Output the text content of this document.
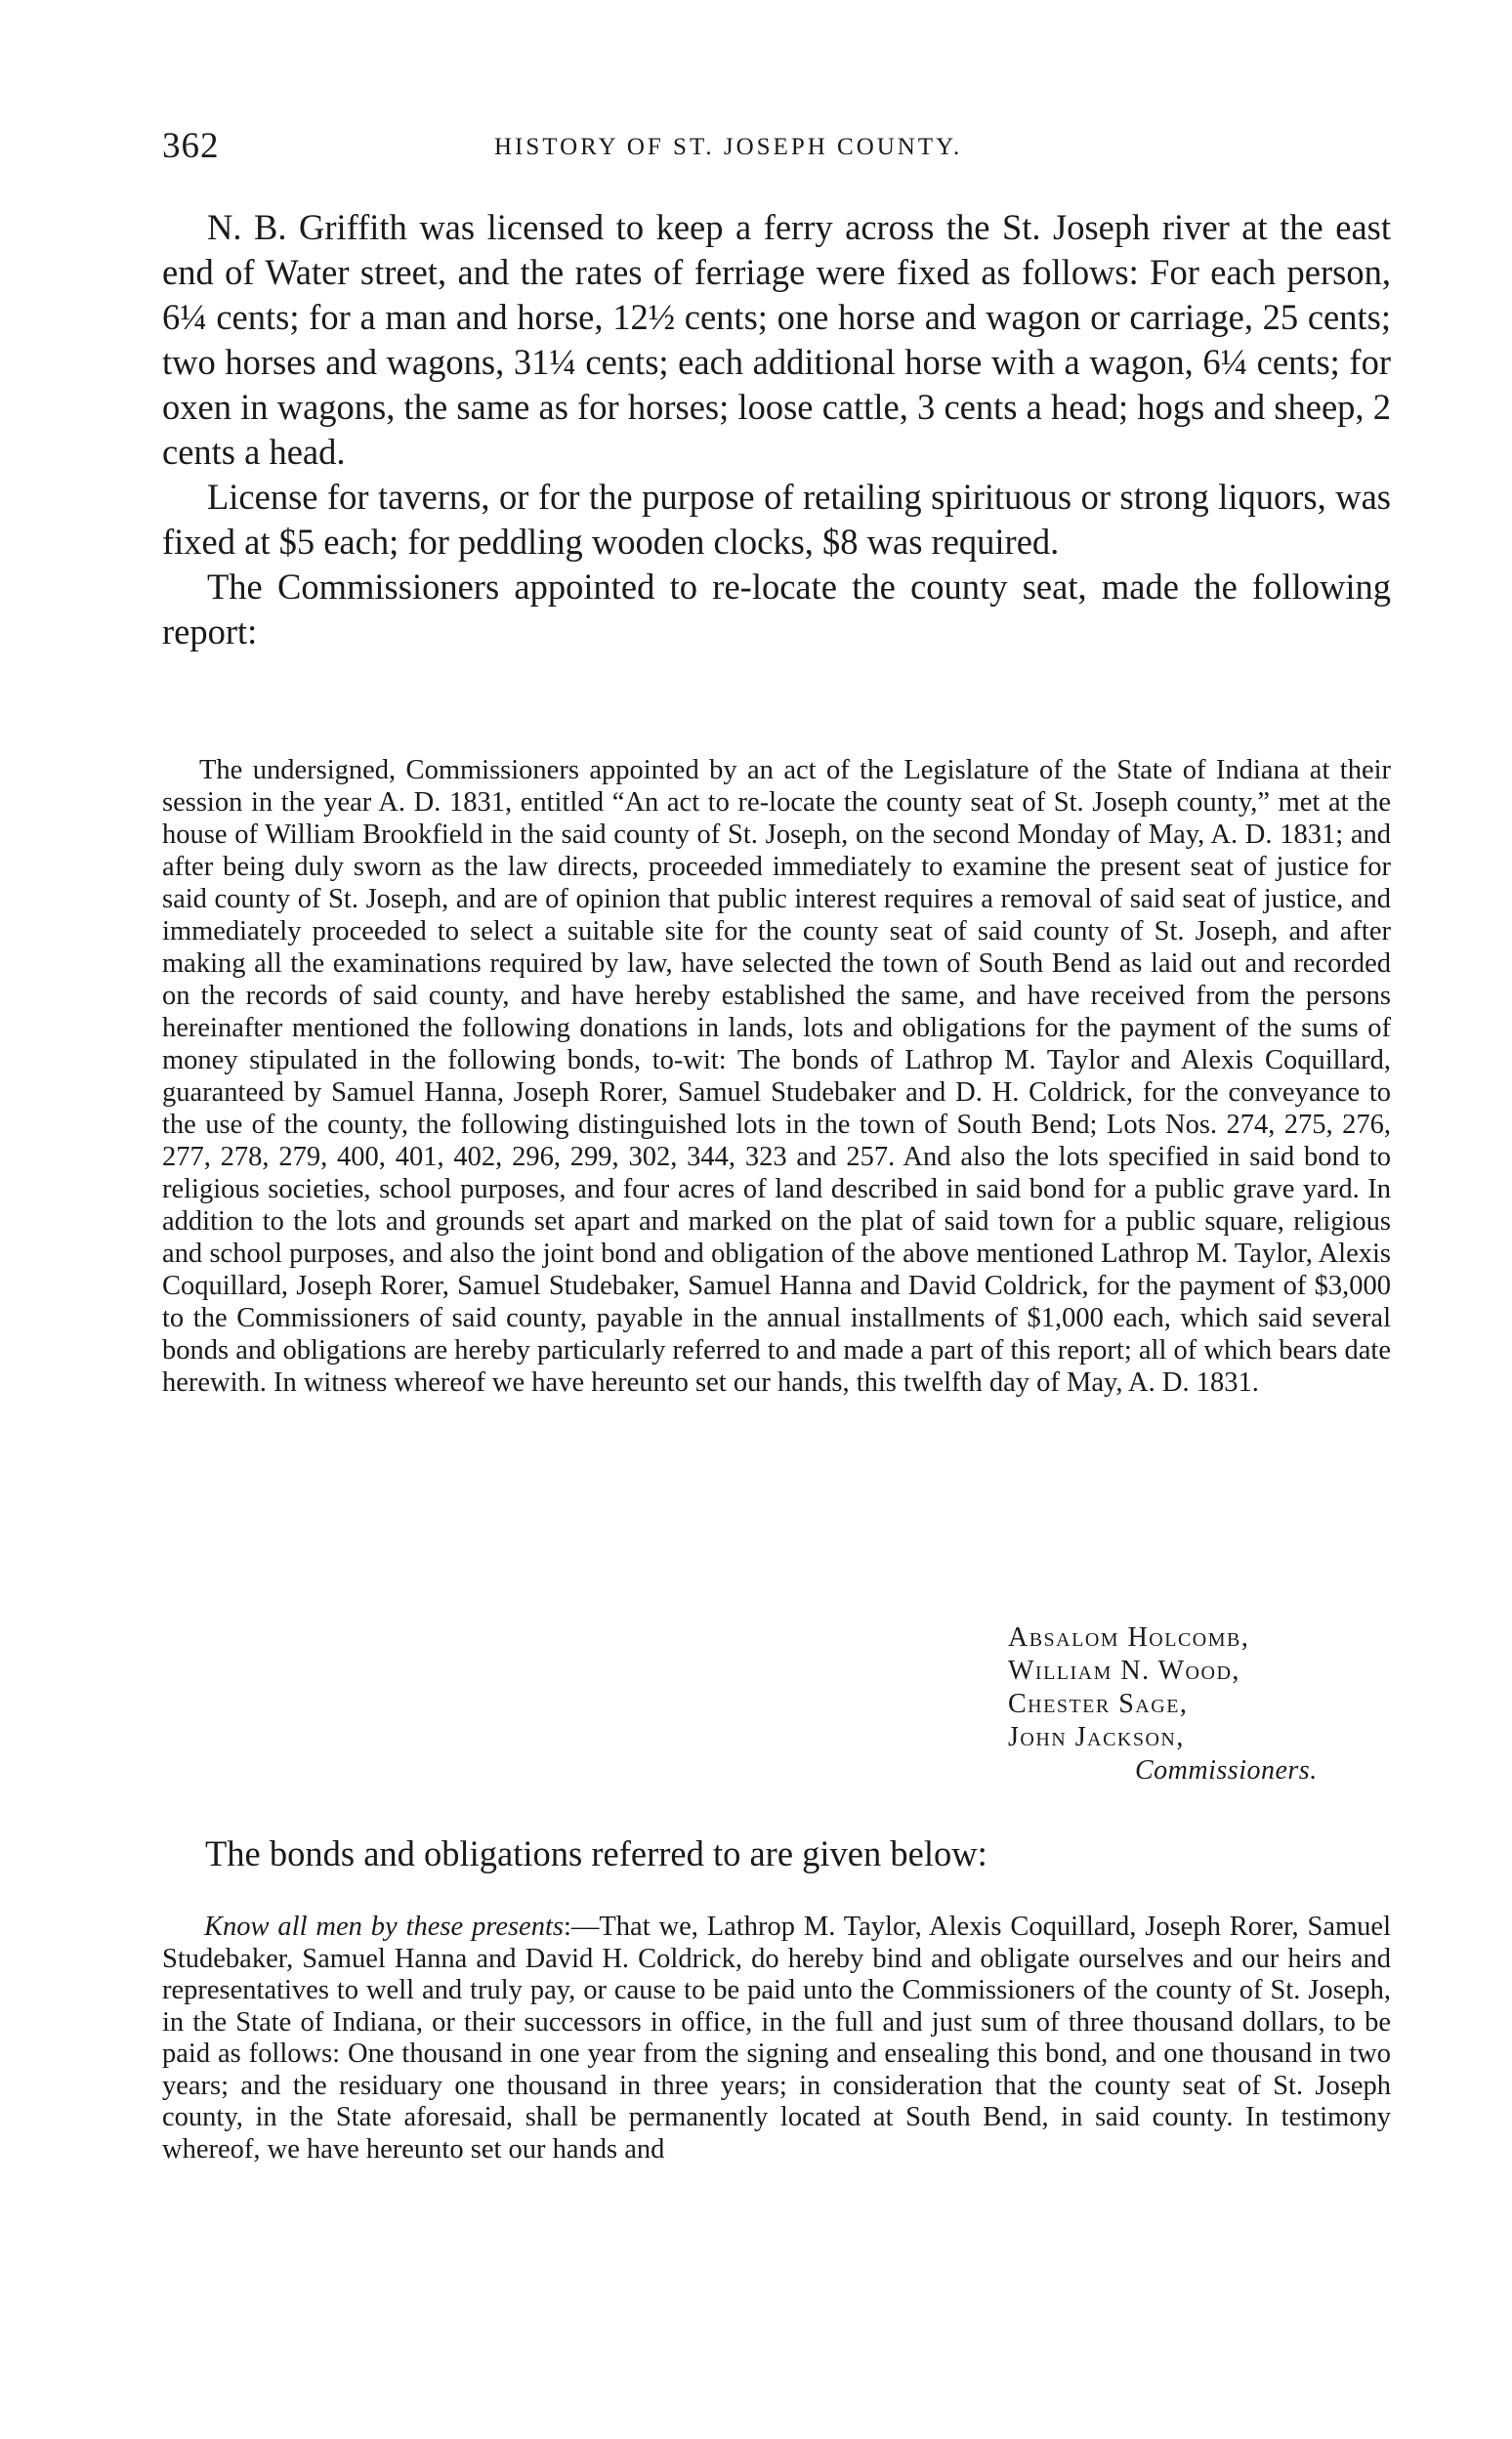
362	HISTORY OF ST. JOSEPH COUNTY.

N. B. Griffith was licensed to keep a ferry across the St. Joseph river at the east end of Water street, and the rates of ferriage were fixed as follows: For each person, 6¼ cents; for a man and horse, 12½ cents; one horse and wagon or carriage, 25 cents; two horses and wagons, 31¼ cents; each additional horse with a wagon, 6¼ cents; for oxen in wagons, the same as for horses; loose cattle, 3 cents a head; hogs and sheep, 2 cents a head.

License for taverns, or for the purpose of retailing spirituous or strong liquors, was fixed at $5 each; for peddling wooden clocks, $8 was required.

The Commissioners appointed to re-locate the county seat, made the following report:

The undersigned, Commissioners appointed by an act of the Legislature of the State of Indiana at their session in the year A. D. 1831, entitled “An act to re-locate the county seat of St. Joseph county,” met at the house of William Brookfield in the said county of St. Joseph, on the second Monday of May, A. D. 1831; and after being duly sworn as the law directs, proceeded immediately to examine the present seat of justice for said county of St. Joseph, and are of opinion that public interest requires a removal of said seat of justice, and immediately proceeded to select a suitable site for the county seat of said county of St. Joseph, and after making all the examinations required by law, have selected the town of South Bend as laid out and recorded on the records of said county, and have hereby established the same, and have received from the persons hereinafter mentioned the following donations in lands, lots and obligations for the payment of the sums of money stipulated in the following bonds, to-wit: The bonds of Lathrop M. Taylor and Alexis Coquillard, guaranteed by Samuel Hanna, Joseph Rorer, Samuel Studebaker and D. H. Coldrick, for the conveyance to the use of the county, the following distinguished lots in the town of South Bend; Lots Nos. 274, 275, 276, 277, 278, 279, 400, 401, 402, 296, 299, 302, 344, 323 and 257. And also the lots specified in said bond to religious societies, school purposes, and four acres of land described in said bond for a public grave yard. In addition to the lots and grounds set apart and marked on the plat of said town for a public square, religious and school purposes, and also the joint bond and obligation of the above mentioned Lathrop M. Taylor, Alexis Coquillard, Joseph Rorer, Samuel Studebaker, Samuel Hanna and David Coldrick, for the payment of $3,000 to the Commissioners of said county, payable in the annual installments of $1,000 each, which said several bonds and obligations are hereby particularly referred to and made a part of this report; all of which bears date herewith. In witness whereof we have hereunto set our hands, this twelfth day of May, A. D. 1831.

Absalom Holcomb,
William N. Wood,
Chester Sage,
John Jackson,
Commissioners.
The bonds and obligations referred to are given below:

Know all men by these presents:—That we, Lathrop M. Taylor, Alexis Coquillard, Joseph Rorer, Samuel Studebaker, Samuel Hanna and David H. Coldrick, do hereby bind and obligate ourselves and our heirs and representatives to well and truly pay, or cause to be paid unto the Commissioners of the county of St. Joseph, in the State of Indiana, or their successors in office, in the full and just sum of three thousand dollars, to be paid as follows: One thousand in one year from the signing and ensealing this bond, and one thousand in two years; and the residuary one thousand in three years; in consideration that the county seat of St. Joseph county, in the State aforesaid, shall be permanently located at South Bend, in said county. In testimony whereof, we have hereunto set our hands and
